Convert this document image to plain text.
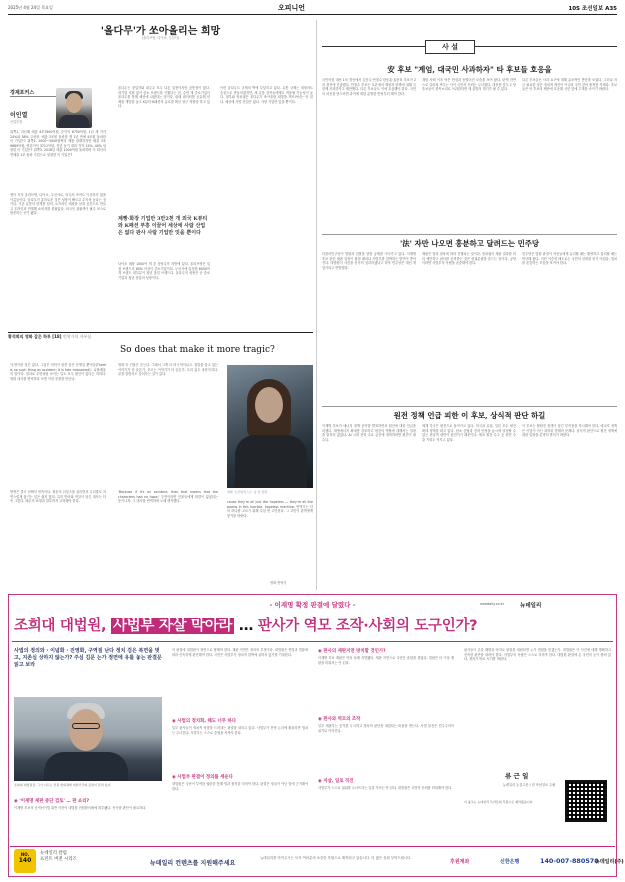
2025년 4월 24일 목요일	오피니언	10S 조선일보 A35
'올다무'가 쏘아올리는 희망
(올리브영, 다이소, 무신사)
경제포커스
이인열
산업부장
위쪽1, 지난해 매출 4조7900억원, 순이익 6700억원. 1년 새 각각 24%와 38% 고성장. 매출 3조원 돌파한 게 1년 만에 4조원 돌파한 이 기업은? 위쪽2. 1000~5000원짜리 제품 판매하지만 매출 3조9689억원, 영업이익 3711억원. 전년 동기 대비 각각 15%, 40% 성장한 이 기업은? 위쪽3. 2018년 매출 1000억원 돌파하며 이 회사의 연매출 1조 돌파 기업으로 성장한 이 기업은?
셋이 각각 올리브영, 다이소, 무신사로, 어디서 쓰여도 이상하지 않을 이름들이다. 올다무가 흥미로운 것은 성장이 빠르고 수익성 높다는 점이다. 기존 유통의 한계를 넘어, 오프라인 매장을 문화 공간으로 만들고 온라인과 연계해 소비자를 붙잡았다. 외국인 관광객이 필수 코스로 방문하는 곳이 됐다.
올다무는 창업자와 대주주 모두 다른 업종이지만 공통점이 많다. 대기업 지원 없이 중소 브랜드를 키웠다는 점, 수만 개 중소기업이 올다무를 통해 세상에 나왔다는 점이다. 판매 데이터를 공유해 신제품 개발을 돕고 K뷰티·K패션의 글로벌 확산 창구 역할을 하고 있다.
제빵·화장 기업만 3만2천 개 외국 K뷰티와 K패션 부흥 이끌어 세상에 사람 산업은 없다 판사 사람 기업만 잇을 뿐이다
다이소 매장 1500여 개 중 상당수가 지방에 있다. 올리브영은 입점 브랜드의 80% 이상이 중소기업이다. 무신사에 입점한 8000여 개 브랜드 대부분이 청년 창업 브랜드다. 올다무의 성장은 곧 중소기업과 청년 창업의 성장이다.
이런 올다무도 규제의 벽에 부딪히고 있다. 유통 규제는 대형마트 중심으로 만들어졌지만, 새 유통 강자들에게도 적용될 가능성이 높다. 정부와 정치권은 올다무가 쏘아올린 희망을 꺼뜨려서는 안 된다. 세상에 사양 산업은 없다. 사양 기업만 있을 뿐이다.
황석희의 영화 같은 하루 [18] 번역가의 자부심
So does that make it more tragic?
'우연이란 것은 없다. 그것은 미덕이 잘못 붙은 운명일 뿐이다(There is no such thing as accident; it is fate misnamed)'. 나폴레옹의 말이다. 결과로 우연처럼 보이는 일도 모두 원인이 있다는 의미다. 영화 대사를 번역하다 보면 이런 문장을 만난다.
번역은 결국 선택의 연속이다. 원문의 뉘앙스를 살리면서 우리말로 자연스럽게 옮기는 일은 쉽지 않다. 특히 반어와 역설이 담긴 대사는 더욱 그렇다. 배우의 표정과 말투까지 고려해야 한다.
영화 속 인물은 묻는다. 그래서 그게 더 비극적이냐고. 결말을 알고 있는 이야기가 더 슬픈가, 모르는 이야기가 더 슬픈가. 우리 삶도 마찬가지다. 끝을 알면서도 걸어가는 길이 있다.
'Because if it's an accident, then that means that the characters had no hope.' 우연이라면 인물들에게 희망이 없었다는 뜻이니까. 그 대사를 번역하며 오래 생각했다.
영화 '브루탈리스트' 중 한 장면
cause they're all just like hopeless — they're all like pawns in this horrible, hopeless machine. 번역가는 단어 하나를 고르기 위해 수십 번 고민한다. 그 고민이 관객에게 닿기를 바란다.
영화 번역가
사 설
安 후보 "계엄, 대국민 사과하자" 타 후보들 호응을
국민의힘 대선 1차 경선에서 김문수·안철수·한동훈·홍준표 후보가 2차 경선에 진출했다. 안철수 후보는 토론에서 계엄과 탄핵에 대해 국민께 사과하자고 제안했다. 다른 후보들도 이에 호응해야 한다. 국민의 마음을 얻으려면 과거에 대한 분명한 반성부터 해야 한다.
계엄 사태 이후 당은 민심과 동떨어진 모습을 보여 왔다. 탄핵 찬반으로 갈라져 싸우는 사이 국민의 신뢰는 무너졌다. 대선을 앞두고 당 후보들이 한목소리로 사과한다면 새 출발의 계기가 될 수 있다.
다른 후보들은 사과 요구에 대해 유보적인 반응을 보였다. 그러나 지금 필요한 것은 정치적 계산이 아니라 국민 앞의 솔직한 자세다. 후보들은 안 후보의 제안에 호응해 국민 앞에 고개를 숙이기 바란다.
'法' 자만 나오면 흥분하고 달려드는 민주당
더불어민주당이 법원과 검찰을 향한 공세를 이어가고 있다. 이재명 후보 관련 재판 일정이 잡힐 때마다 사법부를 압박하는 발언이 쏟아진다. 대법원이 사건을 신속히 심리하겠다고 하자 민주당은 대선 개입이라고 반발했다.
재판은 법과 절차에 따라 진행되는 것이다. 정치권이 재판 결과를 미리 예단하고 판사를 공격하는 것은 삼권분립을 흔드는 일이다. 공당이라면 사법부의 독립을 존중해야 한다.
민주당은 법원 판결이 자신들에게 유리할 때는 환영하고 불리할 때는 비난해 왔다. 이런 이중적 태도로는 국민의 신뢰를 얻기 어렵다. 법치를 존중하는 모습을 보여야 한다.
원전 정책 언급 피한 이 후보, 상식적 판단 하길
이재명 후보가 에너지 정책 공약을 발표하면서 원전에 대한 언급을 피했다. 재생에너지 확대만 강조하고 원전의 역할에 대해서는 입장을 밝히지 않았다. AI 시대 전력 수요 급증에 대비하려면 원전이 필수다.
세계 각국은 원전으로 돌아가고 있다. 미국과 유럽, 일본 모두 원전 확대 정책을 펴고 있다. 탄소 중립과 전력 안정을 동시에 달성할 수 있는 현실적 대안이 원전이기 때문이다. 체코 원전 수주 등 원전 수출 기회도 커지고 있다.
이 후보는 탈원전 정책이 남긴 부작용을 직시해야 한다. 에너지 정책은 이념이 아닌 과학과 경제의 문제다. 상식적 판단으로 원전 정책에 대한 입장을 분명히 밝히기 바란다.
- 이재명 확정 판결에 달렸다 -	newdaily.co.kr	뉴데일리
조희대 대법원, 사법부 자살 막아라 … 판사가 역모 조작·사회의 도구인가?
사법의 정의와 · 이념화 · 진영화, 구역질 난다 정치 검은 복면을 벗고, 지존심 상하지 않는가? 주심 김문 는가 정면에 유를 놓는 판결문 읽고 보라
조희대 대법원장. 그가 이끄는 전원 합의체에 대한민국의 운명이 달려 있다.
◉ '이재명 재판 중단 검토' … 판 쇼리?
이재명 후보의 공직선거법 위반 사건이 대법원 전원합의체에 회부됐다. 신속한 판단이 필요하다.
이 판결에 대법원이 정면으로 답해야 한다. 재판 지연은 정의의 부정이다. 대법원은 헌법과 법률에 따라 신속하게 판단해야 한다. 국민은 사법부가 정치적 압박에 굴하지 않기를 기대한다.
◉ 사법의 정치화, 해도 너무 하다
일부 판사들이 정치적 성향을 드러내는 판결을 내리고 있다. 사법부가 진영 논리에 휘둘리면 법치는 무너진다. 사법부는 스스로 중립을 지켜야 한다.
◉ 사법부 판결이 정의를 세운다
대법원은 국민이 부여한 권한을 통해 법과 원칙을 지켜야 한다. 판결은 정치가 아닌 법에 근거해야 한다.
◉ 판사의 재판지연 방치할 것인가?
이재명 후보 재판은 여러 차례 지연됐다. 재판 지연으로 국민은 혼란을 겪었다. 법원은 더 이상 재판을 미뤄서는 안 된다.
◉ 판사와 역모의 조작
일부 재판부는 증거를 무시하고 정치적 판단을 내렸다는 비판을 받는다. 사법 불신은 민주주의의 위기로 이어진다.
◉ 자살, 일로 직진
사법부가 스스로 권위를 무너뜨리는 길을 가서는 안 된다. 대법원은 국민의 신뢰를 회복해야 한다.
판사들이 온갖 궤변과 억지로 판결을 내린다면 누가 법원을 믿겠는가. 대법원은 이 사건에 대해 명확하고 신속한 판단을 내려야 한다. 사법부의 독립은 스스로 지켜야 한다. 대법원 판결에 온 국민의 눈이 쏠려 있다. 정의가 바로 서기를 바란다.
류 근 일
뉴데일리 논설고문 / 전 조선일보 주필
이 광고는 뉴데일리 독자들의 후원으로 제작됐습니다.
NO.
140
뉴데일리 칼럼
프린트 버전 시리즈
뉴데일리 컨텐츠를 지원해주세요
뉴데일리를 아끼주시는 독자 여러분의 소중한 후원으로 제작되고 있습니다. 더 많은 응원 부탁드립니다.
후원계좌	신한은행	140-007-880570
뉴데일리(주)
